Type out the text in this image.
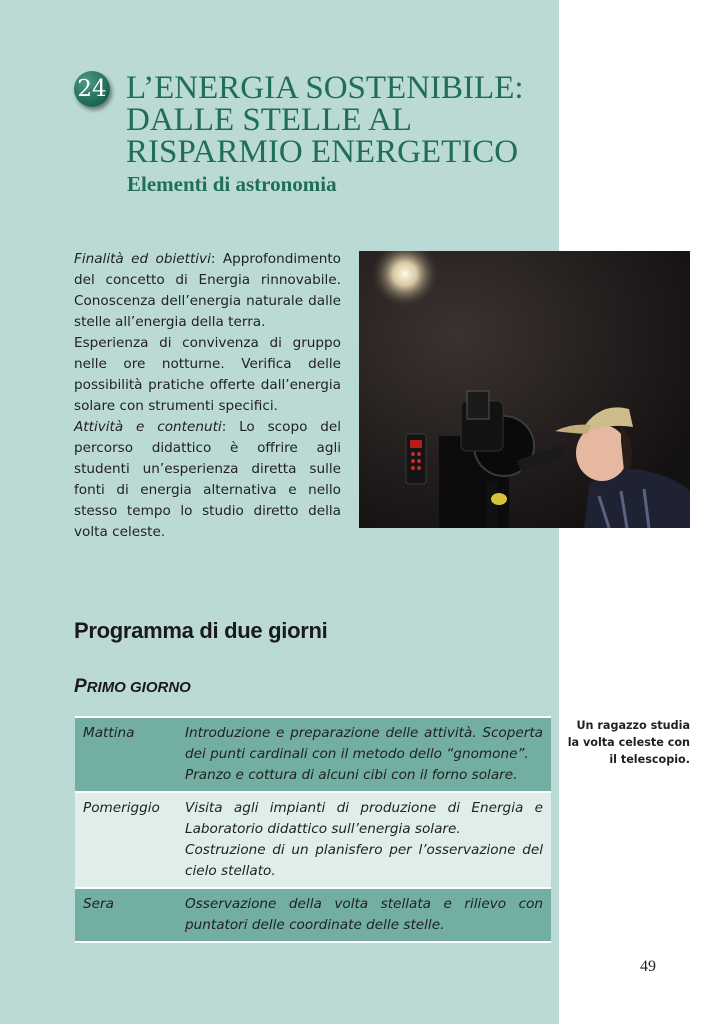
24 L’ENERGIA SOSTENIBILE:
DALLE STELLE AL
RISPARMIO ENERGETICO
Elementi di astronomia

Finalità ed obiettivi: Approfondimento del concetto di Energia rinnovabile. Conoscenza dell’energia naturale dalle stelle all’energia della terra.

Esperienza di convivenza di gruppo nelle ore notturne. Verifica delle possibilità pratiche offerte dall’energia solare con strumenti specifici.

Attività e contenuti: Lo scopo del percorso didattico è offrire agli studenti un’esperienza diretta sulle fonti di energia alternativa e nello stesso tempo lo studio diretto della volta celeste.

Un ragazzo studia la volta celeste con il telescopio.
Programma di due giorni
PRIMO GIORNO
Mattina	Introduzione e preparazione delle attività. Scoperta dei punti cardinali con il metodo dello “gnomone”.
Pranzo e cottura di alcuni cibi con il forno solare.
Pomeriggio	Visita agli impianti di produzione di Energia e Laboratorio didattico sull’energia solare.
Costruzione di un planisfero per l’osservazione del cielo stellato.
Sera	Osservazione della volta stellata e rilievo con puntatori delle coordinate delle stelle.
49
